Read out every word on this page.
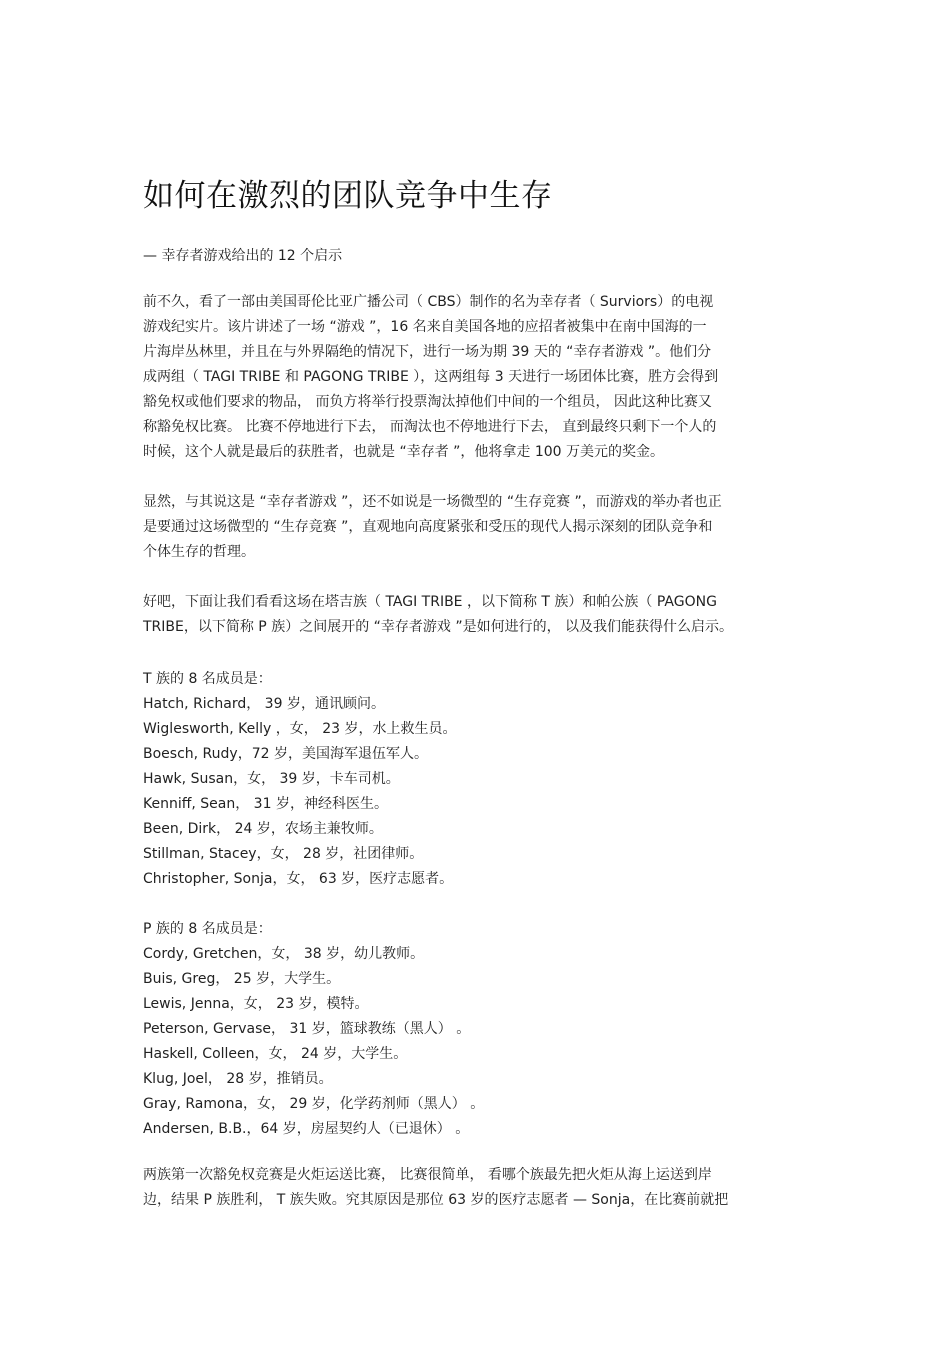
如何在激烈的团队竞争中生存
— 幸存者游戏给出的 12 个启示

前不久，看了一部由美国哥伦比亚广播公司（ CBS）制作的名为幸存者（ Surviors）的电视
游戏纪实片。该片讲述了一场 “游戏 ”，16 名来自美国各地的应招者被集中在南中国海的一
片海岸丛林里，并且在与外界隔绝的情况下，进行一场为期 39 天的 “幸存者游戏 ”。他们分
成两组（ TAGI TRIBE 和 PAGONG TRIBE ），这两组每 3 天进行一场团体比赛，胜方会得到
豁免权或他们要求的物品， 而负方将举行投票淘汰掉他们中间的一个组员， 因此这种比赛又
称豁免权比赛。 比赛不停地进行下去， 而淘汰也不停地进行下去， 直到最终只剩下一个人的
时候，这个人就是最后的获胜者，也就是 “幸存者 ”，他将拿走 100 万美元的奖金。

显然，与其说这是 “幸存者游戏 ”，还不如说是一场微型的 “生存竞赛 ”，而游戏的举办者也正
是要通过这场微型的 “生存竞赛 ”，直观地向高度紧张和受压的现代人揭示深刻的团队竞争和
个体生存的哲理。

好吧，下面让我们看看这场在塔吉族（ TAGI TRIBE ，以下简称 T 族）和帕公族（ PAGONG
TRIBE，以下简称 P 族）之间展开的 “幸存者游戏 ”是如何进行的， 以及我们能获得什么启示。

T 族的 8 名成员是：
Hatch, Richard， 39 岁，通讯顾问。
Wiglesworth, Kelly ，女， 23 岁，水上救生员。
Boesch, Rudy，72 岁，美国海军退伍军人。
Hawk, Susan，女， 39 岁，卡车司机。
Kenniff, Sean， 31 岁，神经科医生。
Been, Dirk， 24 岁，农场主兼牧师。
Stillman, Stacey，女， 28 岁，社团律师。
Christopher, Sonja，女， 63 岁，医疗志愿者。
P 族的 8 名成员是：
Cordy, Gretchen，女， 38 岁，幼儿教师。
Buis, Greg， 25 岁，大学生。
Lewis, Jenna，女， 23 岁，模特。
Peterson, Gervase， 31 岁，篮球教练（黑人） 。
Haskell, Colleen，女， 24 岁，大学生。
Klug, Joel， 28 岁，推销员。
Gray, Ramona，女， 29 岁，化学药剂师（黑人） 。
Andersen, B.B.，64 岁，房屋契约人（已退休） 。

两族第一次豁免权竞赛是火炬运送比赛， 比赛很简单， 看哪个族最先把火炬从海上运送到岸
边，结果 P 族胜利， T 族失败。究其原因是那位 63 岁的医疗志愿者 — Sonja，在比赛前就把
